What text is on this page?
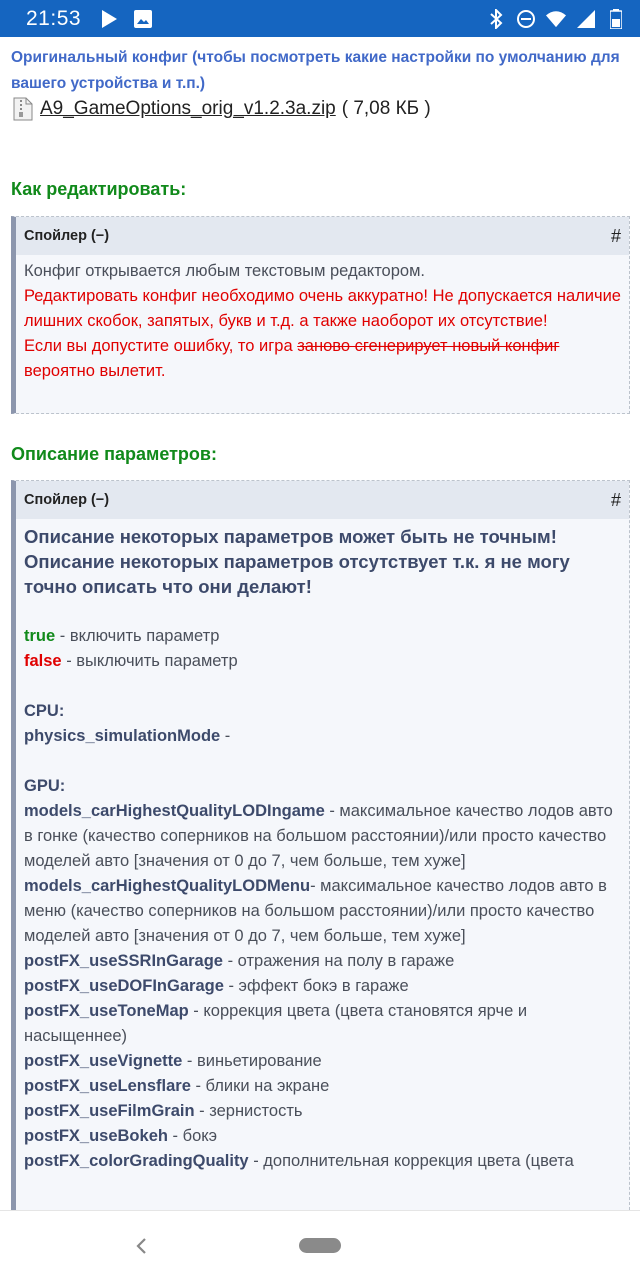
21:53
Оригинальный конфиг (чтобы посмотреть какие настройки по умолчанию для вашего устройства и т.п.)
A9_GameOptions_orig_v1.2.3a.zip ( 7,08 КБ )
Как редактировать:
Спойлер (−)	#
Конфиг открывается любым текстовым редактором.
Редактировать конфиг необходимо очень аккуратно! Не допускается наличие лишних скобок, запятых, букв и т.д. а также наоборот их отсутствие!
Если вы допустите ошибку, то игра заново сгенерирует новый конфиг вероятно вылетит.
Описание параметров:
Спойлер (−)	#
Описание некоторых параметров может быть не точным! Описание некоторых параметров отсутствует т.к. я не могу точно описать что они делают!
true - включить параметр
false - выключить параметр
CPU:
physics_simulationMode -
GPU:
models_carHighestQualityLODIngame - максимальное качество лодов авто в гонке (качество соперников на большом расстоянии)/или просто качество моделей авто [значения от 0 до 7, чем больше, тем хуже]
models_carHighestQualityLODMenu- максимальное качество лодов авто в меню (качество соперников на большом расстоянии)/или просто качество моделей авто [значения от 0 до 7, чем больше, тем хуже]
postFX_useSSRInGarage - отражения на полу в гараже
postFX_useDOFInGarage - эффект бокэ в гараже
postFX_useToneMap - коррекция цвета (цвета становятся ярче и насыщеннее)
postFX_useVignette - виньетирование
postFX_useLensflare - блики на экране
postFX_useFilmGrain - зернистость
postFX_useBokeh - бокэ
postFX_colorGradingQuality - дополнительная коррекция цвета (цвета
